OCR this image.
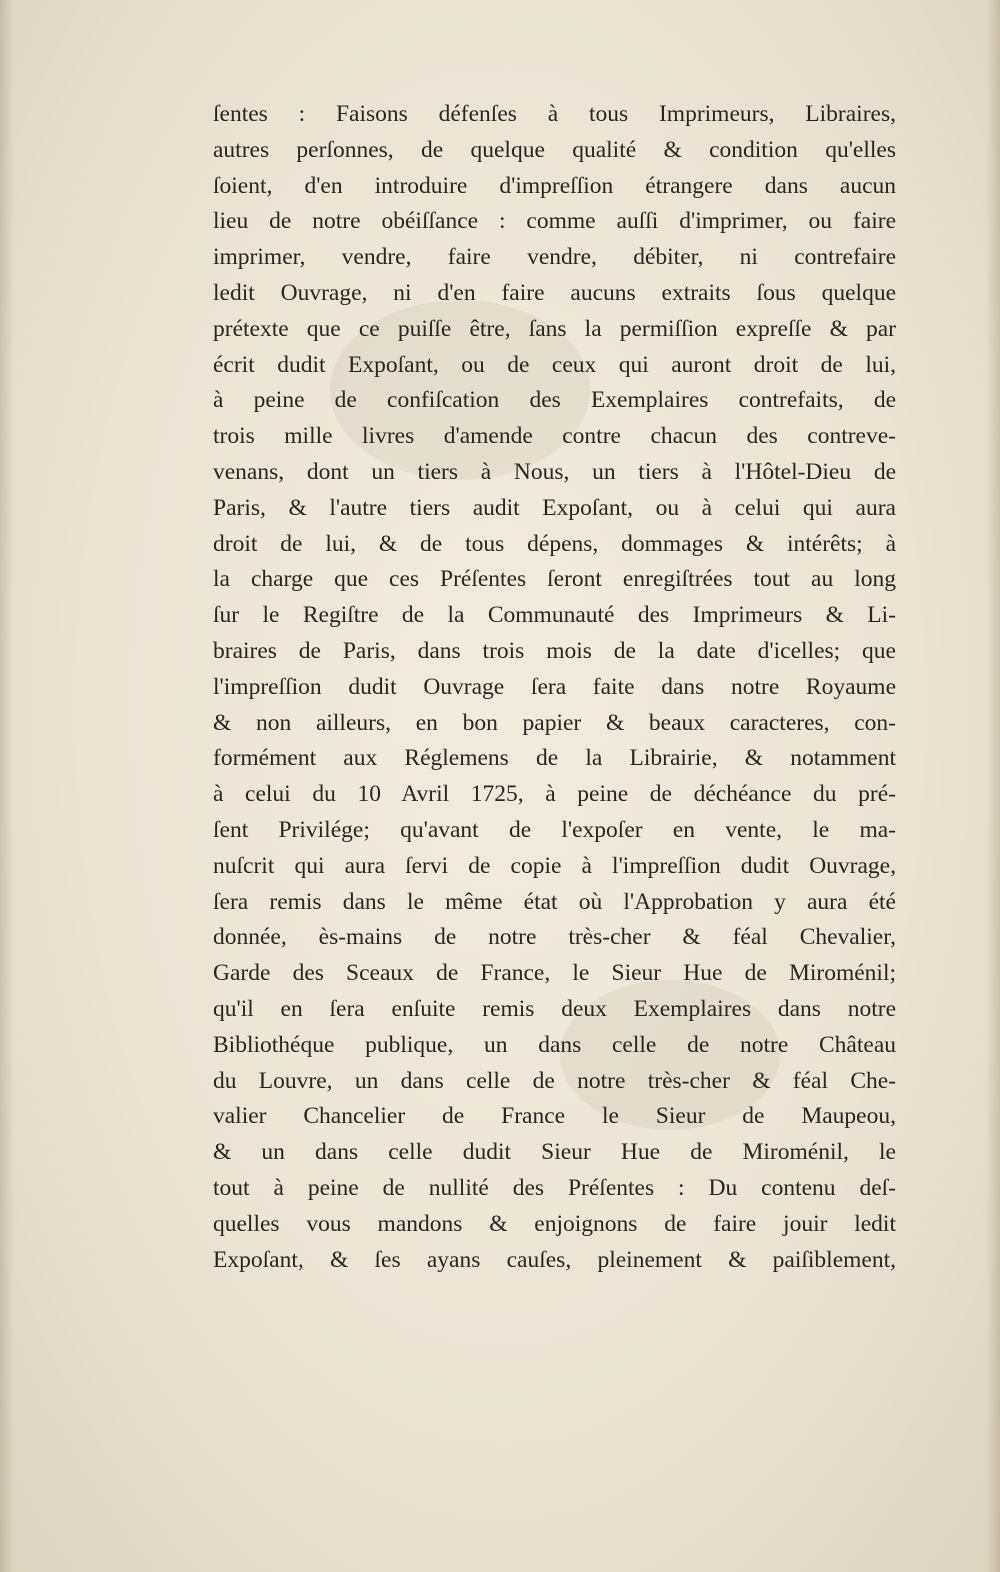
ſentes : Faisons défenſes à tous Imprimeurs, Libraires,
autres perſonnes, de quelque qualité & condition qu'elles
ſoient, d'en introduire d'impreſſion étrangere dans aucun
lieu de notre obéiſſance : comme auſſi d'imprimer, ou faire
imprimer, vendre, faire vendre, débiter, ni contrefaire
ledit Ouvrage, ni d'en faire aucuns extraits ſous quelque
prétexte que ce puiſſe être, ſans la permiſſion expreſſe & par
écrit dudit Expoſant, ou de ceux qui auront droit de lui,
à peine de confiſcation des Exemplaires contrefaits, de
trois mille livres d'amende contre chacun des contreve-
venans, dont un tiers à Nous, un tiers à l'Hôtel-Dieu de
Paris, & l'autre tiers audit Expoſant, ou à celui qui aura
droit de lui, & de tous dépens, dommages & intérêts; à
la charge que ces Préſentes ſeront enregiſtrées tout au long
ſur le Regiſtre de la Communauté des Imprimeurs & Li-
braires de Paris, dans trois mois de la date d'icelles; que
l'impreſſion dudit Ouvrage ſera faite dans notre Royaume
& non ailleurs, en bon papier & beaux caracteres, con-
formément aux Réglemens de la Librairie, & notamment
à celui du 10 Avril 1725, à peine de déchéance du pré-
ſent Privilége; qu'avant de l'expoſer en vente, le ma-
nuſcrit qui aura ſervi de copie à l'impreſſion dudit Ouvrage,
ſera remis dans le même état où l'Approbation y aura été
donnée, ès-mains de notre très-cher & féal Chevalier,
Garde des Sceaux de France, le Sieur Hue de Miroménil;
qu'il en ſera enſuite remis deux Exemplaires dans notre
Bibliothéque publique, un dans celle de notre Château
du Louvre, un dans celle de notre très-cher & féal Che-
valier Chancelier de France le Sieur de Maupeou,
& un dans celle dudit Sieur Hue de Miroménil, le
tout à peine de nullité des Préſentes : Du contenu deſ-
quelles vous mandons & enjoignons de faire jouir ledit
Expoſant, & ſes ayans cauſes, pleinement & paiſiblement,
